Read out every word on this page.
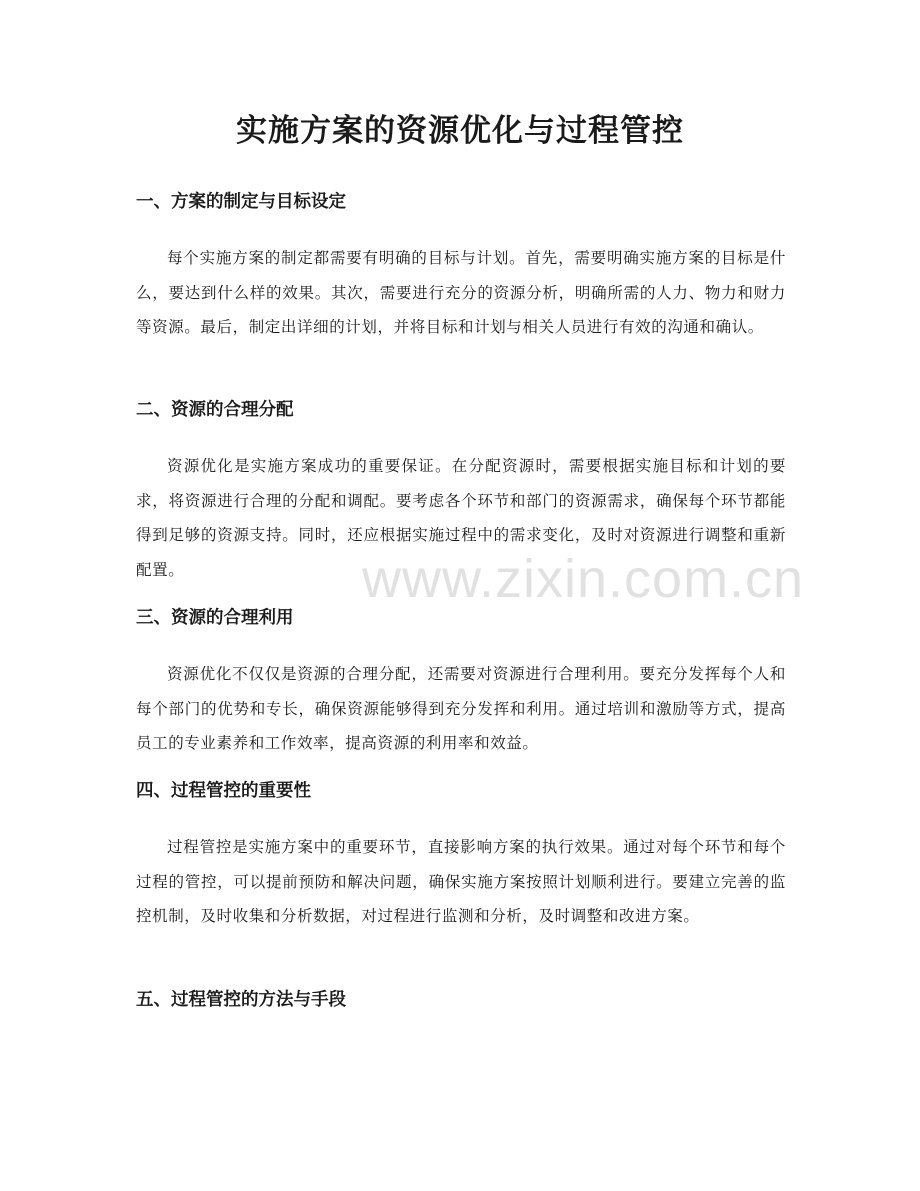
实施方案的资源优化与过程管控
一、方案的制定与目标设定

每个实施方案的制定都需要有明确的目标与计划。首先，需要明确实施方案的目标是什么，要达到什么样的效果。其次，需要进行充分的资源分析，明确所需的人力、物力和财力等资源。最后，制定出详细的计划，并将目标和计划与相关人员进行有效的沟通和确认。

二、资源的合理分配

资源优化是实施方案成功的重要保证。在分配资源时，需要根据实施目标和计划的要求，将资源进行合理的分配和调配。要考虑各个环节和部门的资源需求，确保每个环节都能得到足够的资源支持。同时，还应根据实施过程中的需求变化，及时对资源进行调整和重新配置。

三、资源的合理利用

资源优化不仅仅是资源的合理分配，还需要对资源进行合理利用。要充分发挥每个人和每个部门的优势和专长，确保资源能够得到充分发挥和利用。通过培训和激励等方式，提高员工的专业素养和工作效率，提高资源的利用率和效益。

四、过程管控的重要性

过程管控是实施方案中的重要环节，直接影响方案的执行效果。通过对每个环节和每个过程的管控，可以提前预防和解决问题，确保实施方案按照计划顺利进行。要建立完善的监控机制，及时收集和分析数据，对过程进行监测和分析，及时调整和改进方案。

五、过程管控的方法与手段
www.zixin.com.cn
